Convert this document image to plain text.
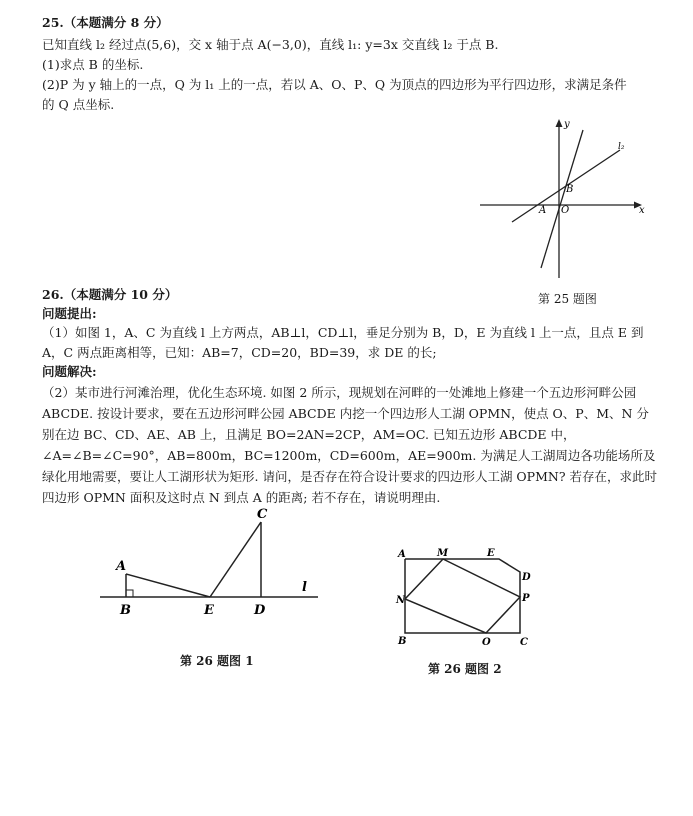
25.（本题满分 8 分）
已知直线 l₂ 经过点(5,6)，交 x 轴于点 A(−3,0)，直线 l₁: y=3x 交直线 l₂ 于点 B.
(1)求点 B 的坐标.
(2)P 为 y 轴上的一点，Q 为 l₁ 上的一点，若以 A、O、P、Q 为顶点的四边形为平行四边形，求满足条件
的 Q 点坐标.
y
x
l₂
A O
B
第 25 题图
26.（本题满分 10 分）
问题提出:
（1）如图 1，A、C 为直线 l 上方两点，AB⊥l，CD⊥l，垂足分别为 B，D，E 为直线 l 上一点，且点 E 到
A，C 两点距离相等，已知：AB=7，CD=20，BD=39，求 DE 的长;
问题解决:
（2）某市进行河滩治理，优化生态环境. 如图 2 所示，现规划在河畔的一处滩地上修建一个五边形河畔公园 ABCDE. 按设计要求，要在五边形河畔公园 ABCDE 内挖一个四边形人工湖 OPMN，使点 O、P、M、N 分别在边 BC、CD、AE、AB 上，且满足 BO=2AN=2CP，AM=OC. 已知五边形 ABCDE 中，∠A=∠B=∠C=90°，AB=800m，BC=1200m，CD=600m，AE=900m. 为满足人工湖周边各功能场所及绿化用地需要，要让人工湖形状为矩形. 请问，是否存在符合设计要求的四边形人工湖 OPMN? 若存在，求此时四边形 OPMN 面积及这时点 N 到点 A 的距离; 若不存在，请说明理由.
A
B
C
D
E
l
第 26 题图 1
A	M	E
D
N	P
B	O	C
第 26 题图 2
